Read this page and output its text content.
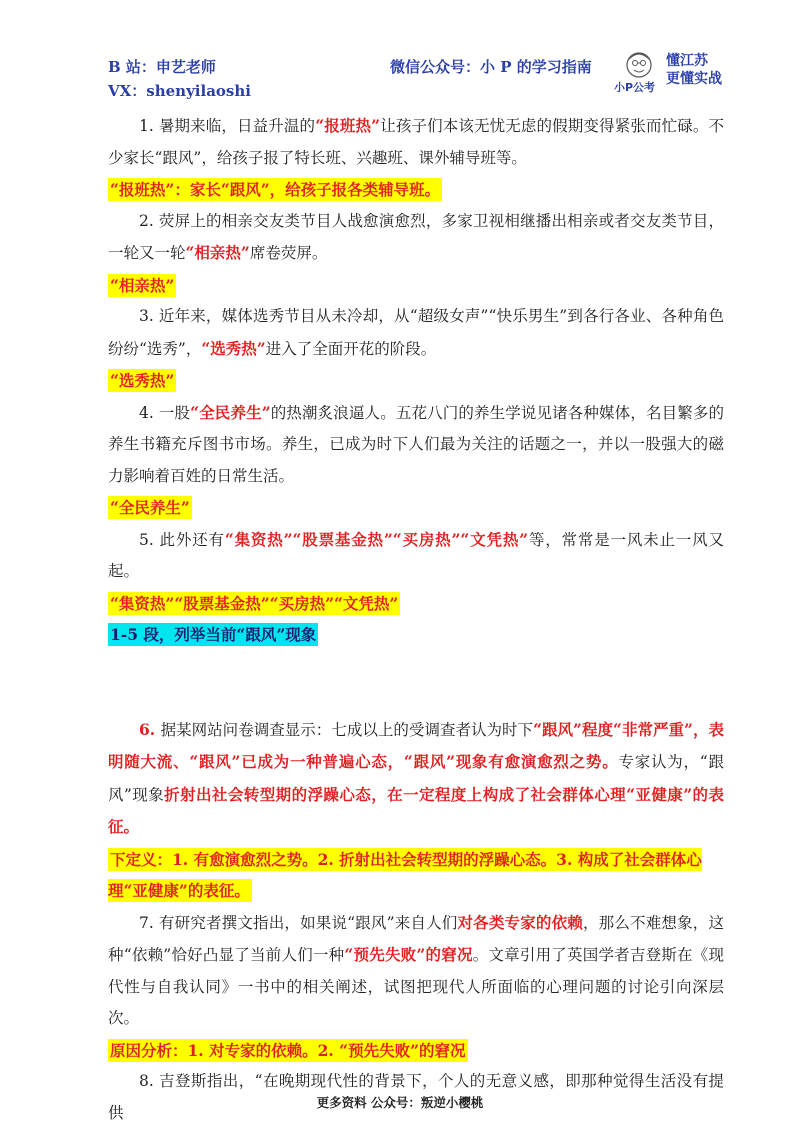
B 站：申艺老师
VX：shenyilaoshi
微信公众号：小 P 的学习指南
小P公考
懂江苏
更懂实战

1. 暑期来临，日益升温的“报班热”让孩子们本该无忧无虑的假期变得紧张而忙碌。不少家长“跟风”，给孩子报了特长班、兴趣班、课外辅导班等。

“报班热”：家长“跟风”，给孩子报各类辅导班。

2. 荧屏上的相亲交友类节目人战愈演愈烈，多家卫视相继播出相亲或者交友类节目，一轮又一轮“相亲热”席卷荧屏。

“相亲热”

3. 近年来，媒体选秀节目从未冷却，从“超级女声”“快乐男生”到各行各业、各种角色纷纷“选秀”，“选秀热”进入了全面开花的阶段。

“选秀热”

4. 一股“全民养生”的热潮炙浪逼人。五花八门的养生学说见诸各种媒体，名目繁多的养生书籍充斥图书市场。养生，已成为时下人们最为关注的话题之一，并以一股强大的磁力影响着百姓的日常生活。

“全民养生”

5. 此外还有“集资热”“股票基金热”“买房热”“文凭热”等，常常是一风未止一风又起。

“集资热”“股票基金热”“买房热”“文凭热”

1-5 段，列举当前“跟风”现象

6. 据某网站问卷调查显示：七成以上的受调查者认为时下“跟风”程度“非常严重”，表明随大流、“跟风”已成为一种普遍心态，“跟风”现象有愈演愈烈之势。专家认为，“跟风”现象折射出社会转型期的浮躁心态，在一定程度上构成了社会群体心理“亚健康”的表征。

下定义：1. 有愈演愈烈之势。2. 折射出社会转型期的浮躁心态。3. 构成了社会群体心理“亚健康”的表征。

7. 有研究者撰文指出，如果说“跟风”来自人们对各类专家的依赖，那么不难想象，这种“依赖”恰好凸显了当前人们一种“预先失败”的窘况。文章引用了英国学者吉登斯在《现代性与自我认同》一书中的相关阐述，试图把现代人所面临的心理问题的讨论引向深层次。

原因分析：1. 对专家的依赖。2. “预先失败”的窘况

8. 吉登斯指出，“在晚期现代性的背景下，个人的无意义感，即那种觉得生活没有提供

更多资料 公众号：叛逆小樱桃
